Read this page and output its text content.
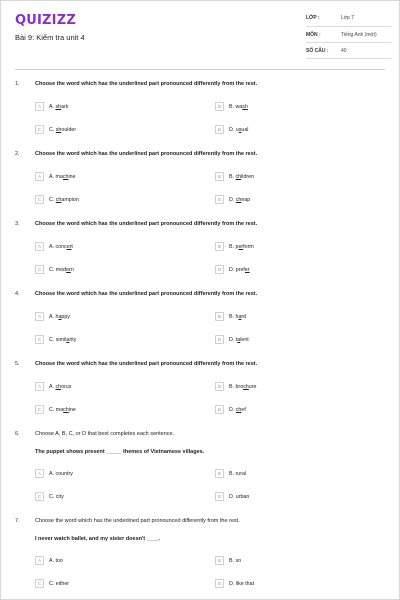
QUIZIZZ
Bài 9: Kiểm tra unit 4
LỚP :	Lớp 7
MÔN :	Tiếng Anh (mới)
SỐ CÂU :	40
1.	Choose the word which has the underlined part pronounced differently from the rest.
A	A. shark	B	B. wash
C	C. shoulder	D	D. usual
2.	Choose the word which has the underlined part pronounced differently from the rest.
A	A. machine	B	B. children
C	C. champion	D	D. cheap
3.	Choose the word which has the underlined part pronounced differently from the rest.
A	A. concert	B	B. perform
C	C. modern	D	D. prefer
4.	Choose the word which has the underlined part pronounced differently from the rest.
A	A. happy	B	B. hard
C	C. similarity	D	D. talent
5.	Choose the word which has the underlined part pronounced differently from the rest.
A	A. chorus	B	B. brochure
C	C. machine	D	D. chef
6.	Choose A, B, C, or D that best completes each sentence.
The puppet shows present _____ themes of Vietnamese villages.
A	A. country	B	B. rural
C	C. city	D	D. urban
7.	Choose the word which has the underlined part pronounced differently from the rest.
I never watch ballet, and my sister doesn't ____.
A	A. too	B	B. so
C	C. either	D	D. like that
